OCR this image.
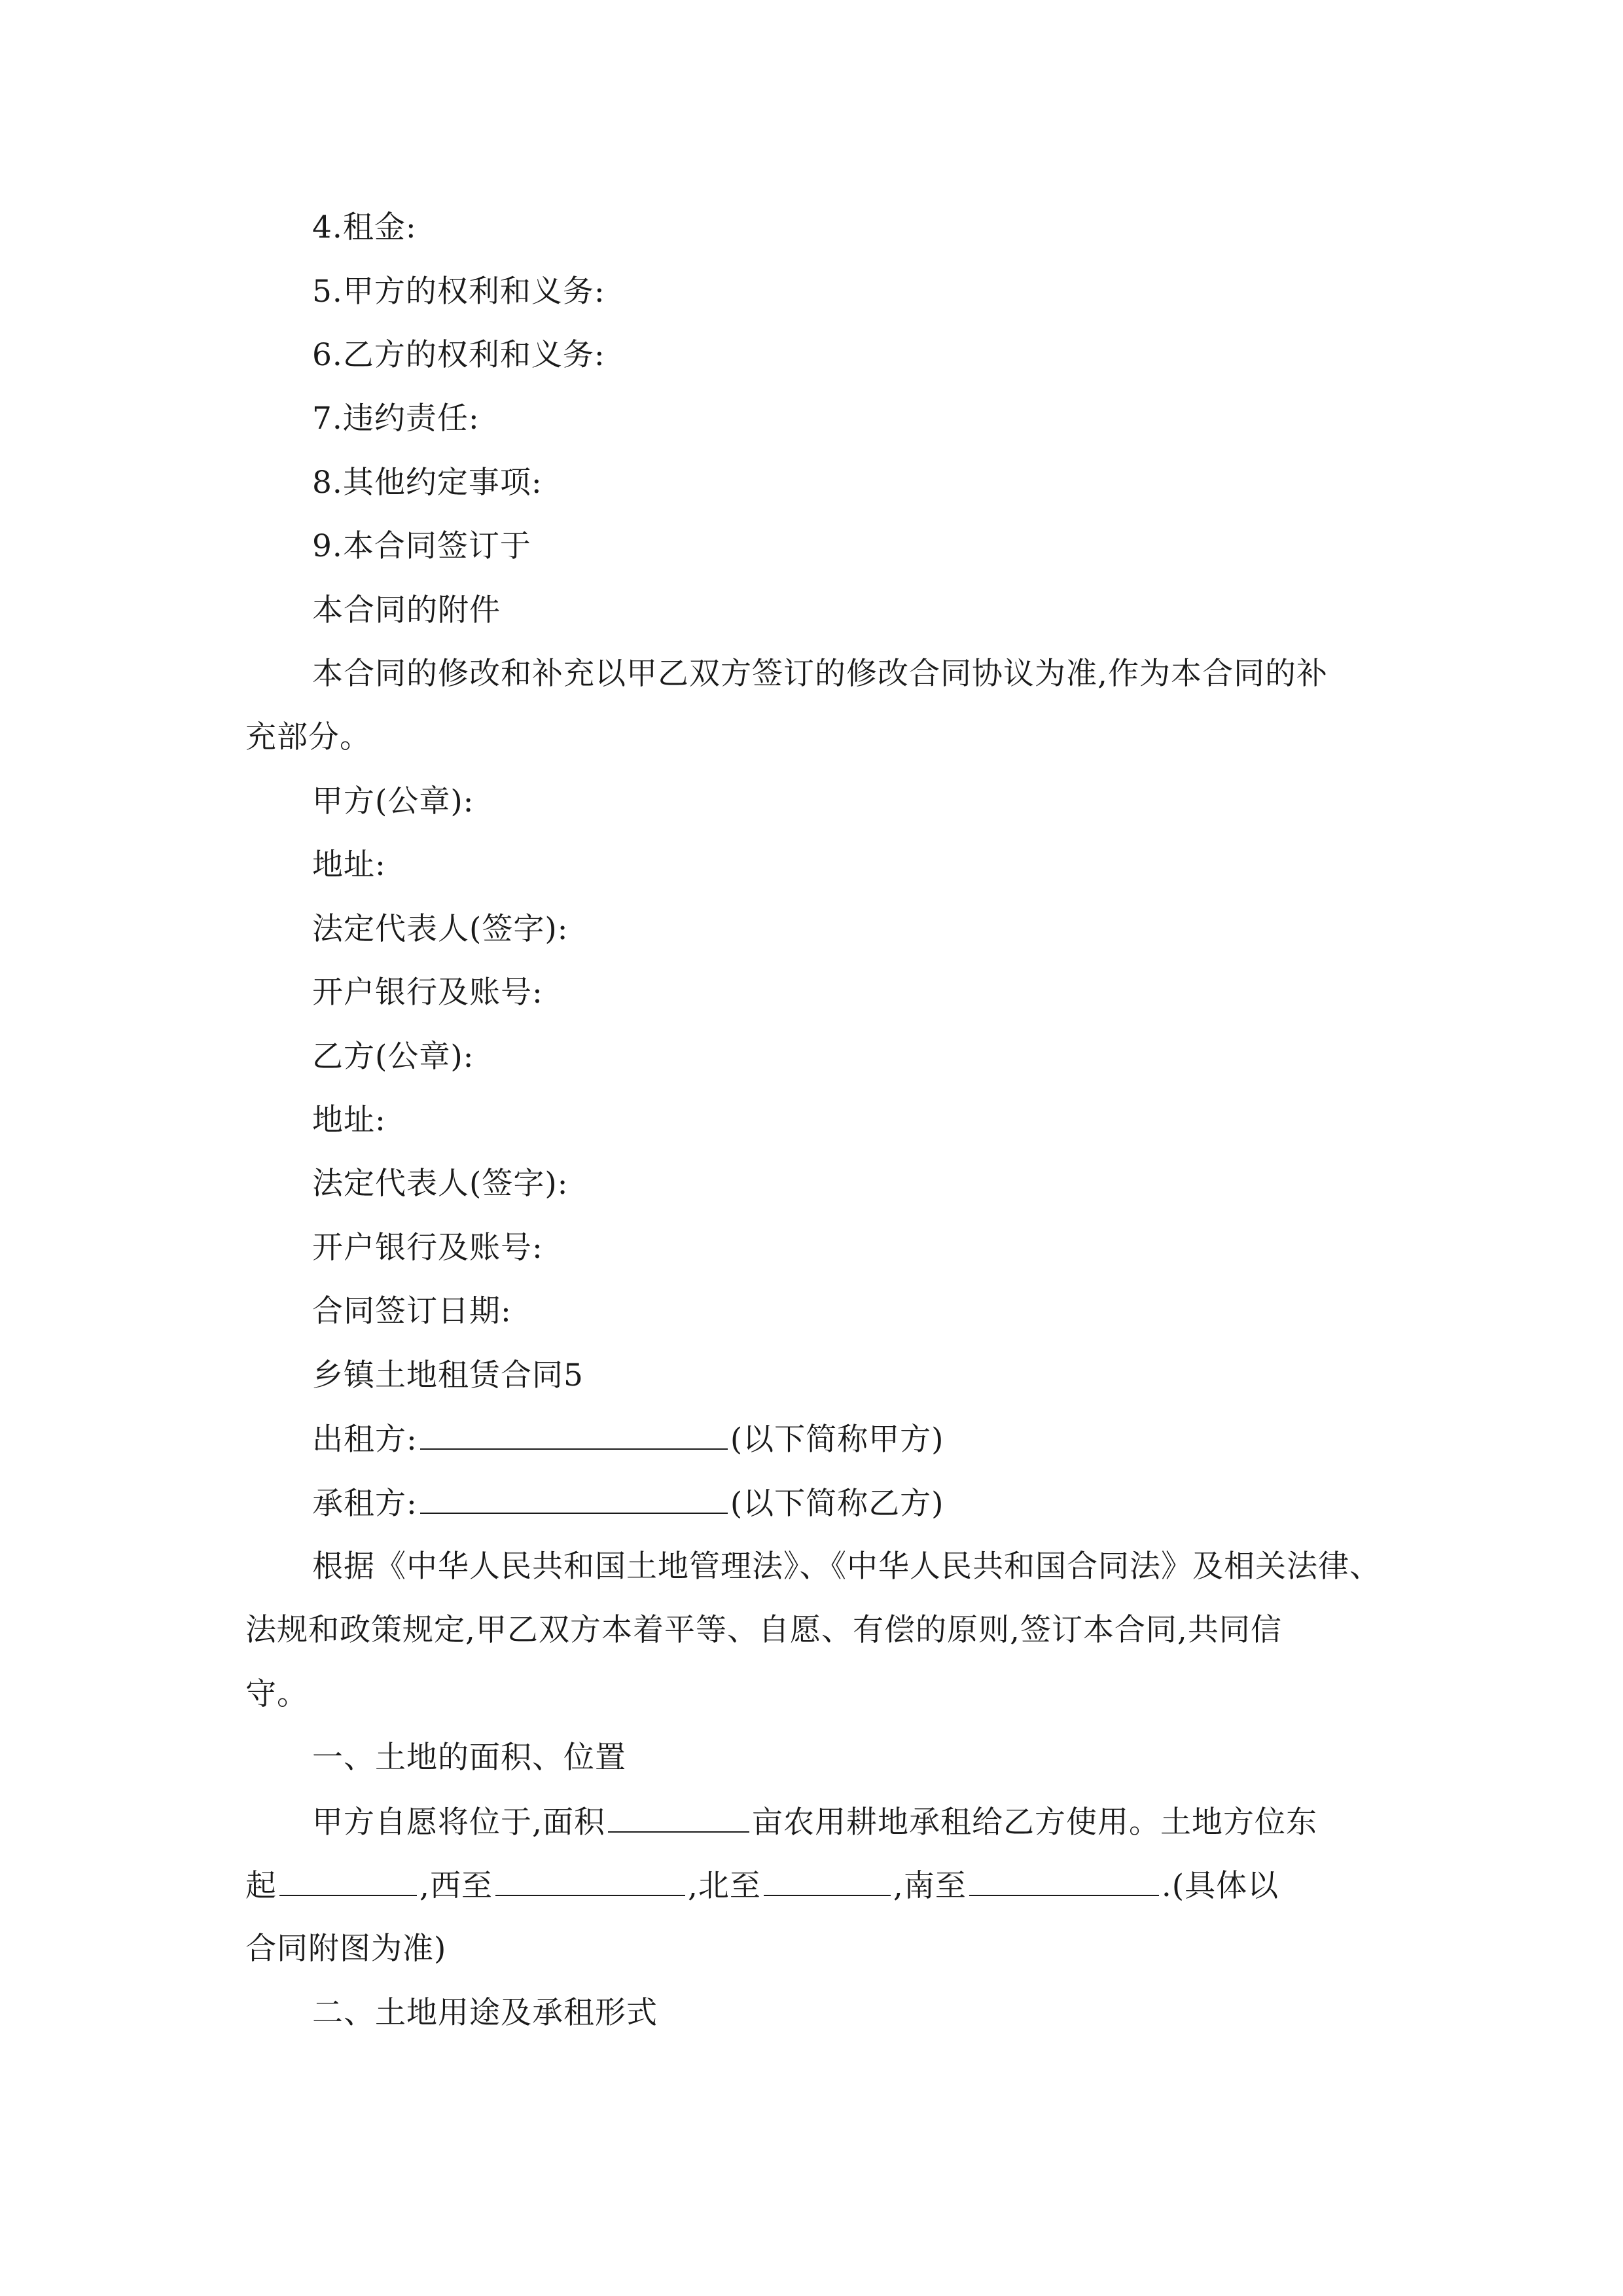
4.租金:
5.甲方的权利和义务:
6.乙方的权利和义务:
7.违约责任:
8.其他约定事项:
9.本合同签订于
本合同的附件
本合同的修改和补充以甲乙双方签订的修改合同协议为准,作为本合同的补
充部分。
甲方(公章):
地址:
法定代表人(签字):
开户银行及账号:
乙方(公章):
地址:
法定代表人(签字):
开户银行及账号:
合同签订日期:
乡镇土地租赁合同5
出租方:	(以下简称甲方)
承租方:	(以下简称乙方)
根据《中华人民共和国土地管理法》、《中华人民共和国合同法》及相关法律、
法规和政策规定,甲乙双方本着平等、自愿、有偿的原则,签订本合同,共同信
守。
一、土地的面积、位置
甲方自愿将位于,面积	亩农用耕地承租给乙方使用。土地方位东
起	,西至	,北至	,南至	.(具体以
合同附图为准)
二、土地用途及承租形式
